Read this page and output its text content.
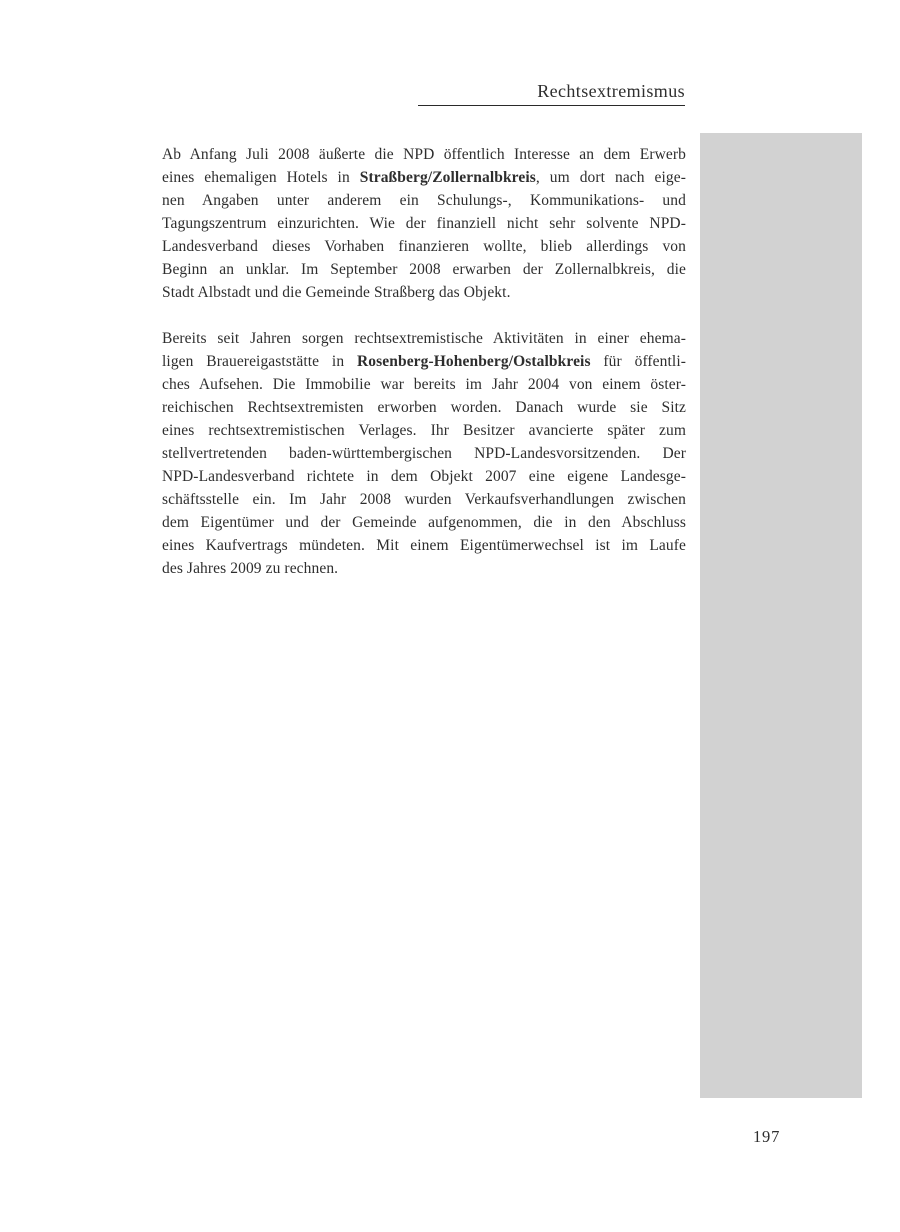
Rechtsextremismus
Ab Anfang Juli 2008 äußerte die NPD öffentlich Interesse an dem Erwerb
eines ehemaligen Hotels in Straßberg/Zollernalbkreis, um dort nach eige-
nen Angaben unter anderem ein Schulungs-, Kommunikations- und
Tagungszentrum einzurichten. Wie der finanziell nicht sehr solvente NPD-
Landesverband dieses Vorhaben finanzieren wollte, blieb allerdings von
Beginn an unklar. Im September 2008 erwarben der Zollernalbkreis, die
Stadt Albstadt und die Gemeinde Straßberg das Objekt.
Bereits seit Jahren sorgen rechtsextremistische Aktivitäten in einer ehema-
ligen Brauereigaststätte in Rosenberg-Hohenberg/Ostalbkreis für öffentli-
ches Aufsehen. Die Immobilie war bereits im Jahr 2004 von einem öster-
reichischen Rechtsextremisten erworben worden. Danach wurde sie Sitz
eines rechtsextremistischen Verlages. Ihr Besitzer avancierte später zum
stellvertretenden baden-württembergischen NPD-Landesvorsitzenden. Der
NPD-Landesverband richtete in dem Objekt 2007 eine eigene Landesge-
schäftsstelle ein. Im Jahr 2008 wurden Verkaufsverhandlungen zwischen
dem Eigentümer und der Gemeinde aufgenommen, die in den Abschluss
eines Kaufvertrags mündeten. Mit einem Eigentümerwechsel ist im Laufe
des Jahres 2009 zu rechnen.
197
